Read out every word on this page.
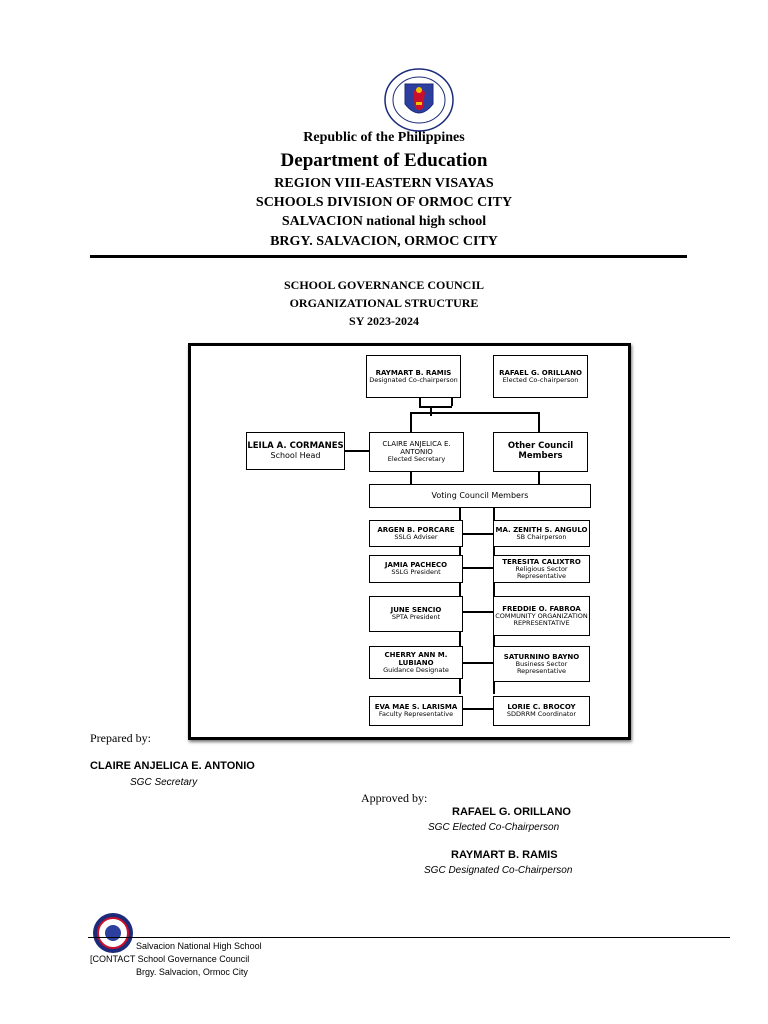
Republic of the Philippines
Department of Education
REGION VIII-EASTERN VISAYAS
SCHOOLS DIVISION OF ORMOC CITY
SALVACION national high school
BRGY. SALVACION, ORMOC CITY
SCHOOL GOVERNANCE COUNCIL
ORGANIZATIONAL STRUCTURE
SY 2023-2024
RAYMART B. RAMIS
Designated Co-chairperson
RAFAEL G. ORILLANO
Elected Co-chairperson
LEILA A. CORMANES
School Head
CLAIRE ANJELICA E. ANTONIO
Elected Secretary
Other Council Members
Voting Council Members
ARGEN B. PORCARE
SSLG Adviser
JAMIA PACHECO
SSLG President
JUNE SENCIO
SPTA President
CHERRY ANN M. LUBIANO
Guidance Designate
EVA MAE S. LARISMA
Faculty Representative
MA. ZENITH S. ANGULO
SB Chairperson
TERESITA CALIXTRO
Religious Sector Representative
FREDDIE O. FABROA
COMMUNITY ORGANIZATION REPRESENTATIVE
SATURNINO BAYNO
Business Sector Representative
LORIE C. BROCOY
SDDRRM Coordinator
Prepared by:
CLAIRE ANJELICA E. ANTONIO
SGC Secretary
Approved by:
RAFAEL G. ORILLANO
SGC Elected Co-Chairperson
RAYMART B. RAMIS
SGC Designated Co-Chairperson
Salvacion National High School
[CONTACT School Governance Council
Brgy. Salvacion, Ormoc City
